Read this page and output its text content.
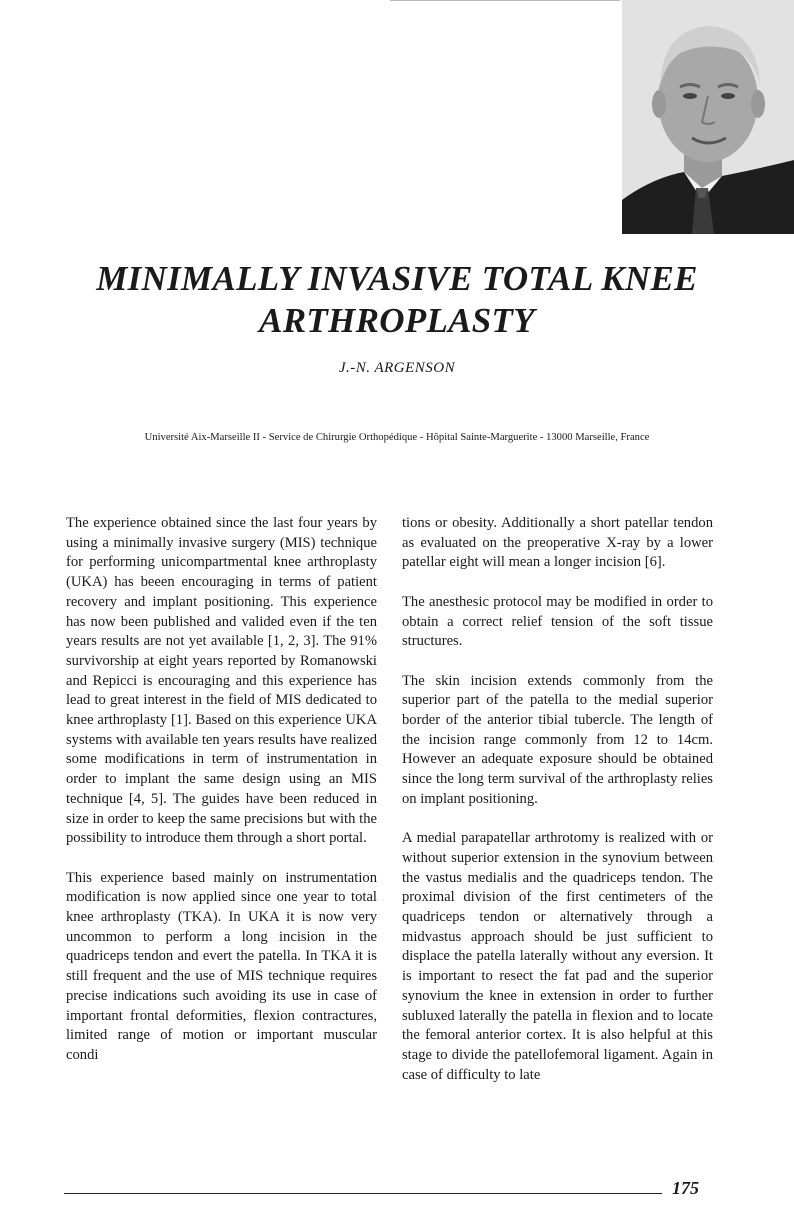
MINIMALLY INVASIVE TOTAL KNEE
ARTHROPLASTY
J.-N. ARGENSON
Université Aix-Marseille II - Service de Chirurgie Orthopédique - Hôpital Sainte-Marguerite - 13000 Marseille, France

The experience obtained since the last four years by using a minimally invasive surgery (MIS) technique for performing unicompartmental knee arthroplasty (UKA) has beeen encouraging in terms of patient recovery and implant positioning. This experience has now been published and valided even if the ten years results are not yet available [1, 2, 3]. The 91% survivorship at eight years reported by Romanowski and Repicci is encouraging and this experience has lead to great interest in the field of MIS dedicated to knee arthroplasty [1]. Based on this experience UKA systems with available ten years results have realized some modifications in term of instrumentation in order to implant the same design using an MIS technique [4, 5]. The guides have been reduced in size in order to keep the same precisions but with the possibility to introduce them through a short portal.

This experience based mainly on instrumentation modification is now applied since one year to total knee arthroplasty (TKA). In UKA it is now very uncommon to perform a long incision in the quadriceps tendon and evert the patella. In TKA it is still frequent and the use of MIS technique requires precise indications such avoiding its use in case of important frontal deformities, flexion contractures, limited range of motion or important muscular condi

tions or obesity. Additionally a short patellar tendon as evaluated on the preoperative X-ray by a lower patellar eight will mean a longer incision [6].

The anesthesic protocol may be modified in order to obtain a correct relief tension of the soft tissue structures.

The skin incision extends commonly from the superior part of the patella to the medial superior border of the anterior tibial tubercle. The length of the incision range commonly from 12 to 14cm. However an adequate exposure should be obtained since the long term survival of the arthroplasty relies on implant positioning.

A medial parapatellar arthrotomy is realized with or without superior extension in the synovium between the vastus medialis and the quadriceps tendon. The proximal division of the first centimeters of the quadriceps tendon or alternatively through a midvastus approach should be just sufficient to displace the patella laterally without any eversion. It is important to resect the fat pad and the superior synovium the knee in extension in order to further subluxed laterally the patella in flexion and to locate the femoral anterior cortex. It is also helpful at this stage to divide the patellofemoral ligament. Again in case of difficulty to late

175
